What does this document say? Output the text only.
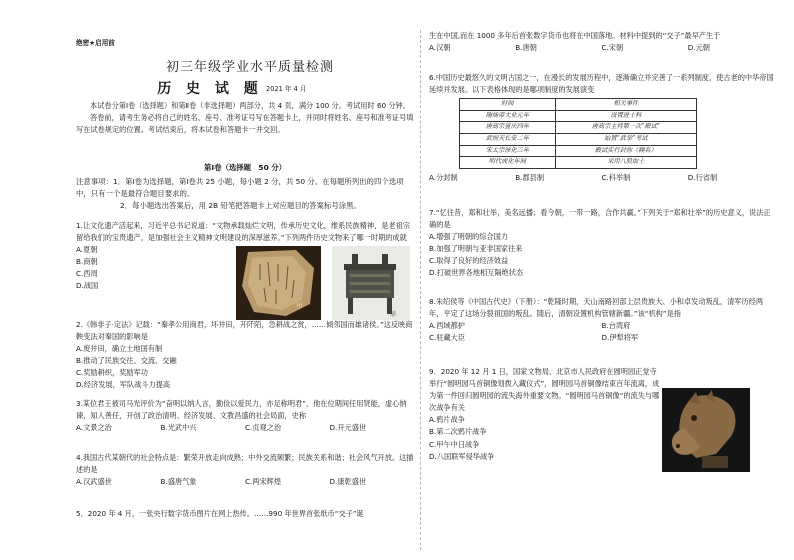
绝密★启用前
初三年级学业水平质量检测
历 史 试 题 2021 年 4 月

本试卷分第Ⅰ卷（选择题）和第Ⅱ卷（非选择题）两部分，共 4 页，满分 100 分。考试用时 60 分钟。

答卷前，请考生务必将自己的姓名、座号、准考证号写在答题卡上，并同时将姓名、座号和准考证号填写在试卷规定的位置。考试结束后，将本试卷和答题卡一并交回。

第Ⅰ卷（选择题　50 分）

注意事项：1．第Ⅰ卷为选择题，第Ⅰ卷共 25 小题，每小题 2 分，共 50 分。在每题所列出的四个选项中，只有一个是最符合题目要求的。

2．每小题选出答案后，用 2B 铅笔把答题卡上对应题目的答案标号涂黑。

1.让文化遗产活起来，习近平总书记说道：“文物承载灿烂文明，传承历史文化，维系民族精神，是老祖宗留给我们的宝贵遗产，是加强社会主义精神文明建设的深厚滋养。”下列两件历史文物来了哪一时期的成就

A.夏朝

B.商朝

C.西周

D.战国

甲
鼎

2.《韩非子·定法》记载：“秦孝公用商君，坏井田，开阡陌，急耕战之赏，……倾邻国而雄诸侯。”这反映商鞅变法对秦国的影响是

A.废井田，确立土地国有制

B.推动了民族交往、交流、交融

C.奖励耕织，奖励军功

D.经济发展，军队战斗力提高

3.某位君王被司马光评价为“奋明以纳人言，勤俭以爱民力，亦足称明君”，他在位期间任用贤能，虚心纳谏，知人善任，开创了政治清明、经济发展、文教昌盛的社会局面，史称

A.文景之治	B.光武中兴	C.贞观之治	D.开元盛世

4.我国古代某朝代的社会特点是：繁荣开放走向成熟；中外交流频繁；民族关系和谐；社会风气开放。这描述的是

A.汉武盛世	B.盛唐气象	C.两宋辉煌	D.康乾盛世

5．2020 年 4 月，一张央行数字货币图片在网上热传。……990 年世界首张纸币“交子”诞

生在中国,而在 1000 多年后首张数字货币也将在中国落地。材料中提到的“交子”最早产生于

A.汉朝	B.唐朝	C.宋朝	D.元朝

6.中国历史最悠久的文明古国之一，在漫长的发展历程中，逐渐确立并完善了一系列制度，使古老的中华帝国延续并发展。以下表格体现的是哪项制度的发展演变

时间	相关事件
隋炀帝大业元年	设置进士科
唐高宗显庆四年	唐高宗主持第一次“殿试”
武则天长安二年	始置“武举”考试
宋太宗淳化三年	殿试实行封弥（糊名）
明代成化年间	采用八股取士

A.分封制	B.郡县制	C.科举制	D.行省制

7.“忆往昔，郑和壮举，美名远播；看今朝，一带一路，合作共赢。”下列关于“郑和壮举”的历史意义，说法正确的是

A.增强了明朝的综合国力

B.加强了明朝与亚非国家往来

C.取得了良好的经济效益

D.打破世界各地相互隔绝状态

8.朱绍侯等《中国古代史》（下册）：“乾隆时期，天山南路回部上层贵族大、小和卓发动叛乱，清军历经两年，平定了这场分裂祖国的叛乱。随后，清朝设置机构管辖新疆。”该“机构”是指

A.西域都护	B.台湾府

C.驻藏大臣	D.伊犁将军

9．2020 年 12 月 1 日，国家文物局、北京市人民政府在圆明园正觉寺举行“圆明园马首铜像划拨入藏仪式”，圆明园马首铜像结束百年流离，成为第一件回归圆明园的流失海外重要文物。“圆明园马首铜像”的流失与哪次战争有关

A.鸦片战争

B.第二次鸦片战争

C.甲午中日战争

D.八国联军侵华战争
